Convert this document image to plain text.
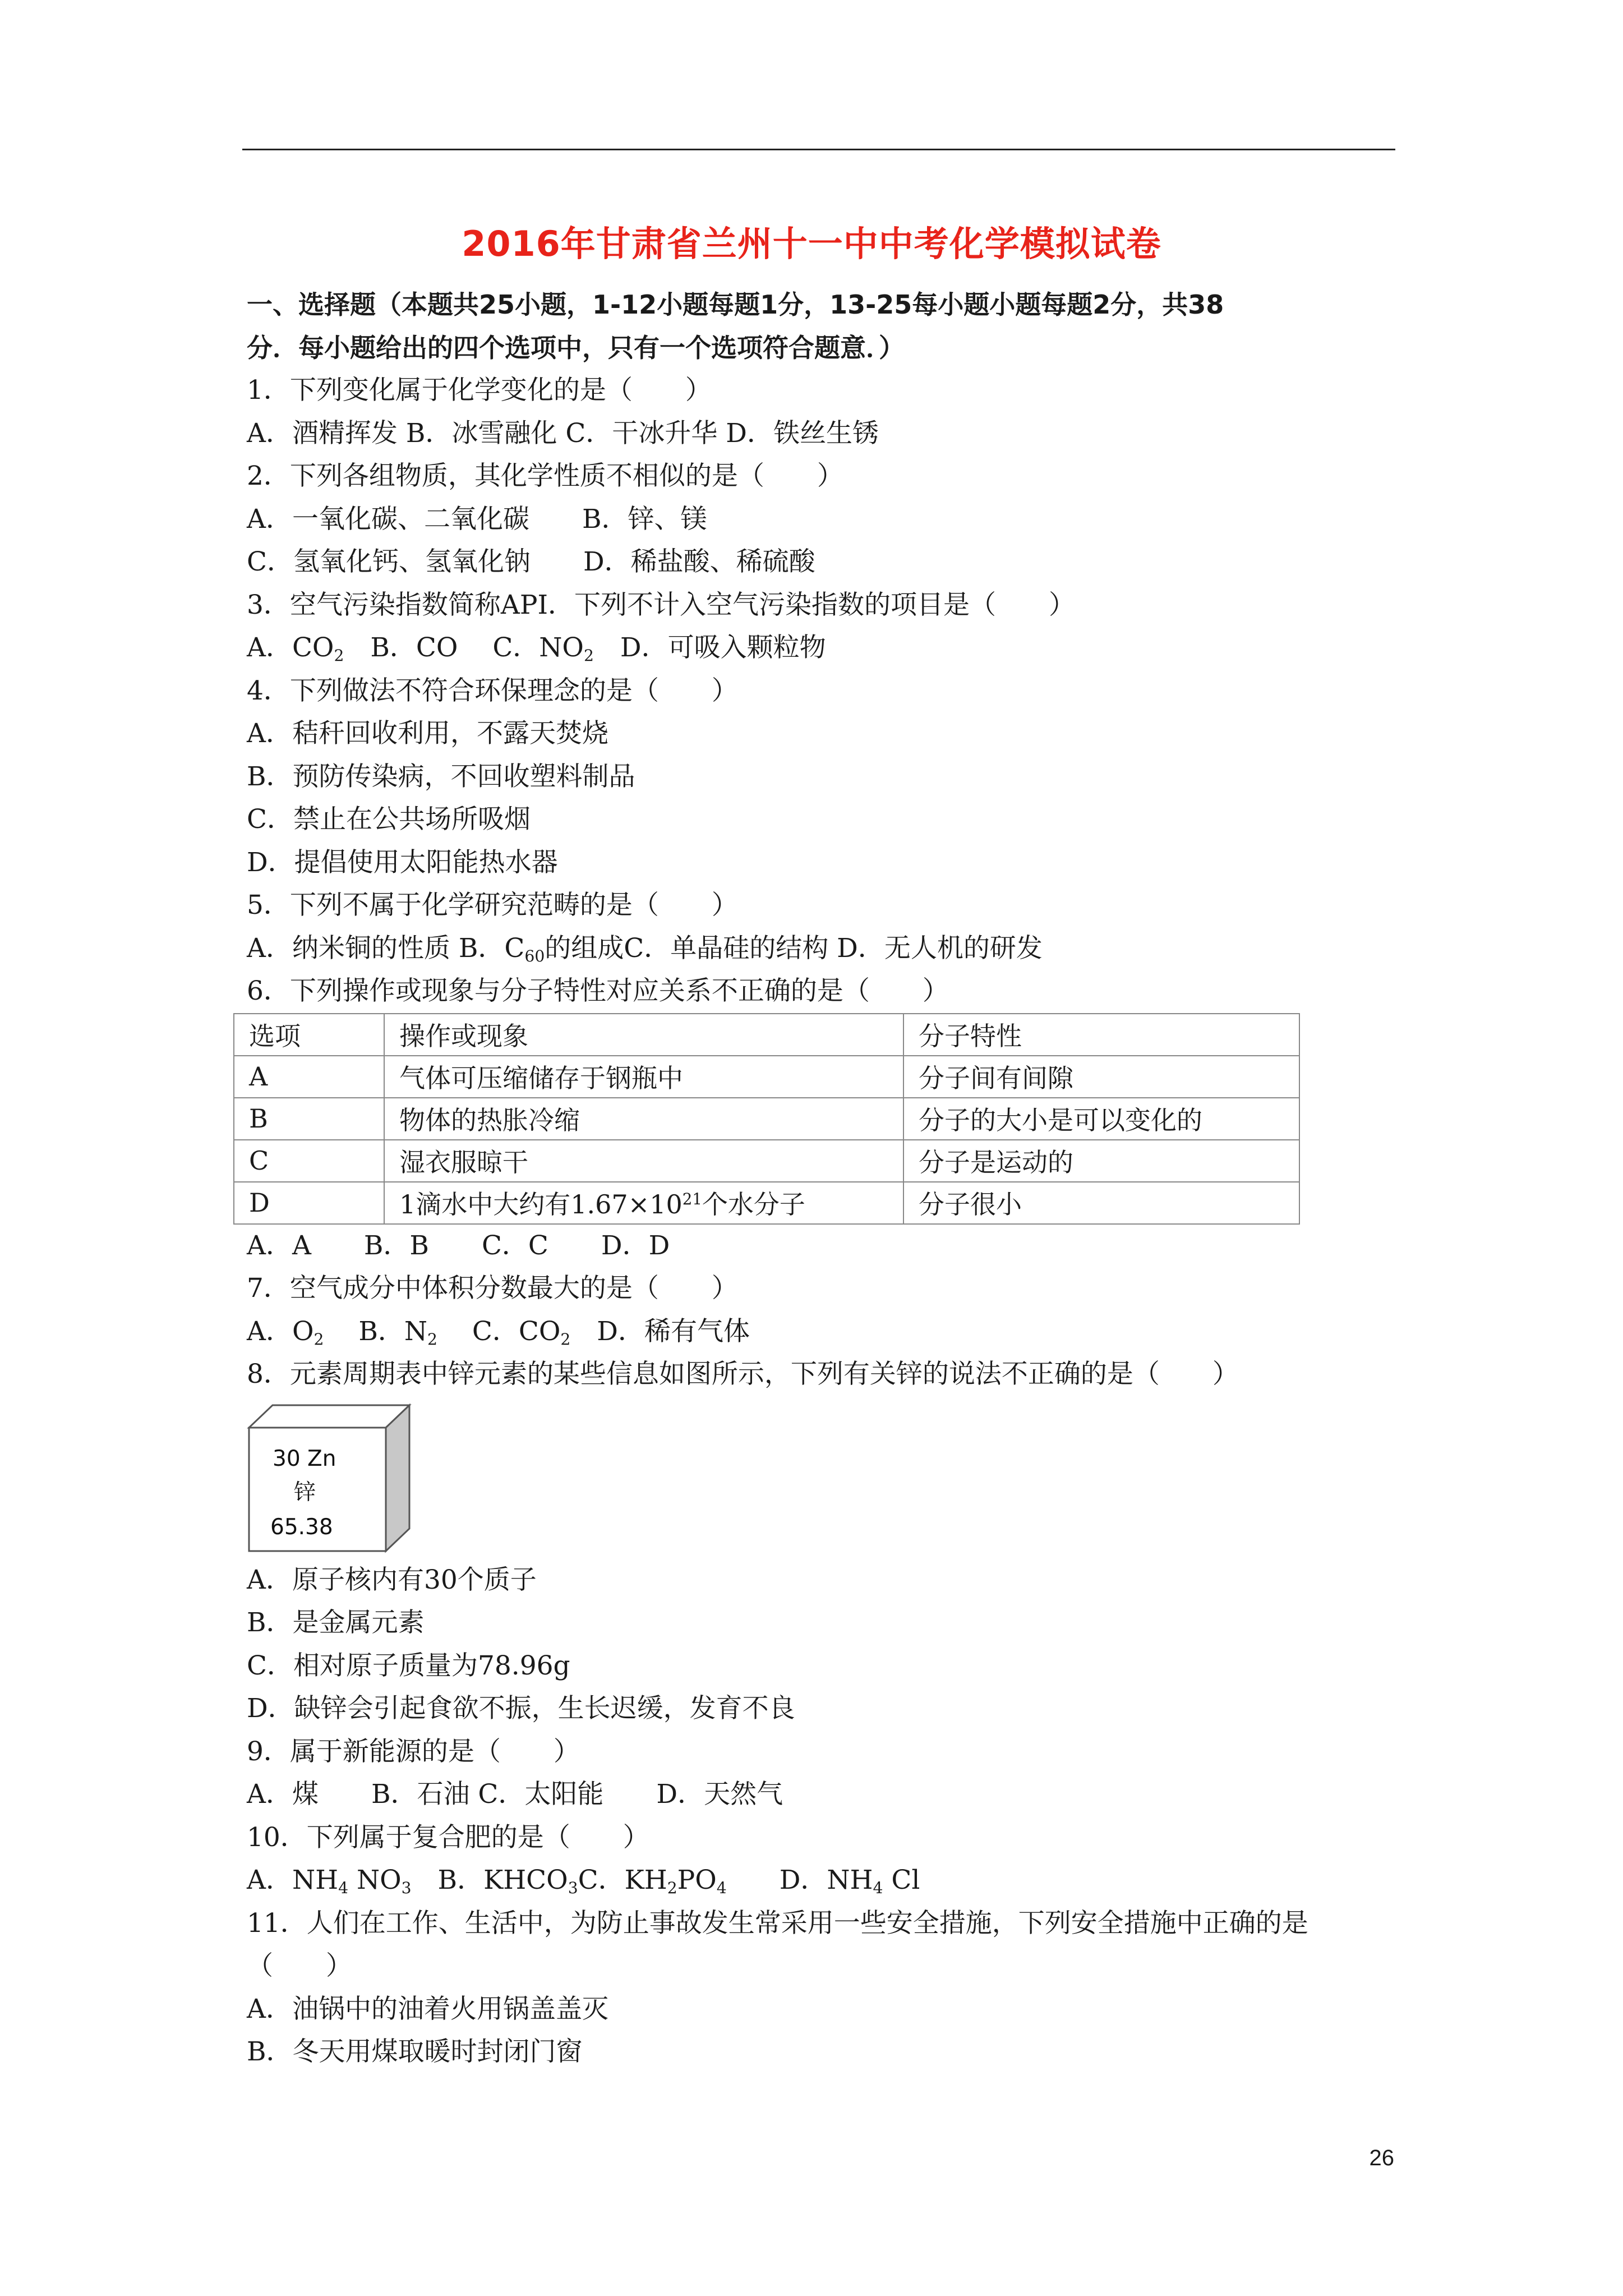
2016年甘肃省兰州十一中中考化学模拟试卷
一、选择题（本题共25小题，1-12小题每题1分，13-25每小题小题每题2分，共38
分．每小题给出的四个选项中，只有一个选项符合题意．）
1．下列变化属于化学变化的是（　　）
A．酒精挥发 B．冰雪融化 C．干冰升华 D．铁丝生锈
2．下列各组物质，其化学性质不相似的是（　　）
A．一氧化碳、二氧化碳　　B．锌、镁
C．氢氧化钙、氢氧化钠　　D．稀盐酸、稀硫酸
3．空气污染指数简称API．下列不计入空气污染指数的项目是（　　）
A．$CO_2$　B．CO　 C．$NO_2$　D．可吸入颗粒物
4．下列做法不符合环保理念的是（　　）
A．秸秆回收利用，不露天焚烧
B．预防传染病，不回收塑料制品
C．禁止在公共场所吸烟
D．提倡使用太阳能热水器
5．下列不属于化学研究范畴的是（　　）
A．纳米铜的性质 B．$C_{60}$的组成C．单晶硅的结构 D．无人机的研发
6．下列操作或现象与分子特性对应关系不正确的是（　　）
选项	操作或现象	分子特性
A	气体可压缩储存于钢瓶中	分子间有间隙
B	物体的热胀冷缩	分子的大小是可以变化的
C	湿衣服晾干	分子是运动的
D	1滴水中大约有$1.67\times 10^{21}$个水分子	分子很小
A．A　　B．B　　C．C　　D．D
7．空气成分中体积分数最大的是（　　）
A．$O_2$　 B．$N_2$　 C．$CO_2$　D．稀有气体
8．元素周期表中锌元素的某些信息如图所示，下列有关锌的说法不正确的是（　　）
30 Zn
锌
65.38
A．原子核内有30个质子
B．是金属元素
C．相对原子质量为78.96g
D．缺锌会引起食欲不振，生长迟缓，发育不良
9．属于新能源的是（　　）
A．煤　　B．石油 C．太阳能　　D．天然气
10．下列属于复合肥的是（　　）
A．$NH_4$ $NO_3$　B．$KHCO_3C$．$KH_2PO_4$　　D．$NH_4$ Cl
11．人们在工作、生活中，为防止事故发生常采用一些安全措施，下列安全措施中正确的是
（　　）
A．油锅中的油着火用锅盖盖灭
B．冬天用煤取暖时封闭门窗
26
